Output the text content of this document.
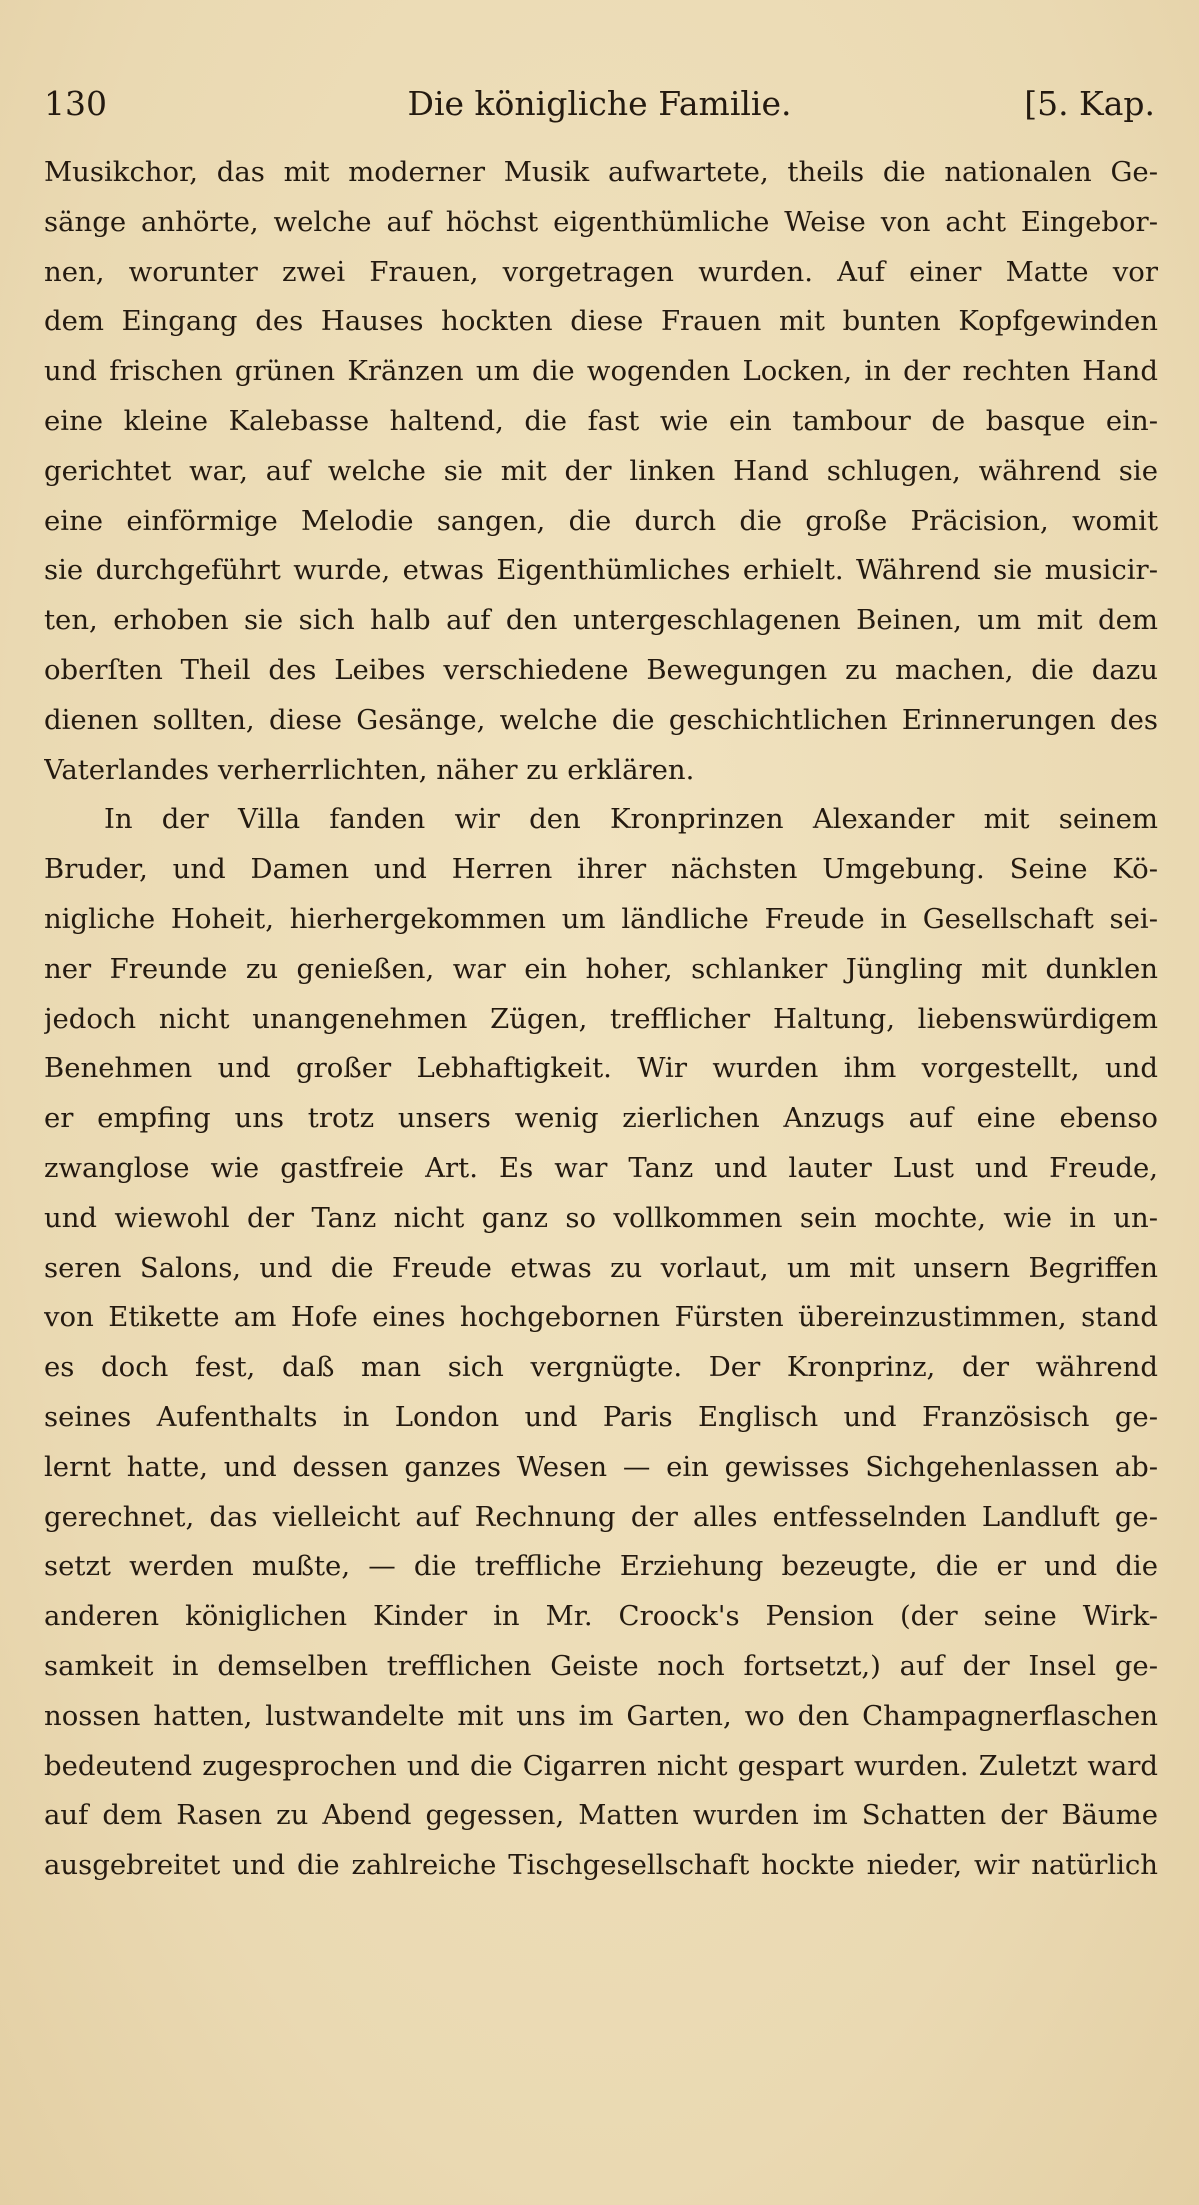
130	Die königliche Familie.	[5. Kap.
Musikchor, das mit moderner Musik aufwartete, theils die nationalen Ge-
sänge anhörte, welche auf höchst eigenthümliche Weise von acht Eingebor-
nen, worunter zwei Frauen, vorgetragen wurden. Auf einer Matte vor
dem Eingang des Hauses hockten diese Frauen mit bunten Kopfgewinden
und frischen grünen Kränzen um die wogenden Locken, in der rechten Hand
eine kleine Kalebasse haltend, die fast wie ein tambour de basque ein-
gerichtet war, auf welche sie mit der linken Hand schlugen, während sie
eine einförmige Melodie sangen, die durch die große Präcision, womit
sie durchgeführt wurde, etwas Eigenthümliches erhielt. Während sie musicir-
ten, erhoben sie sich halb auf den untergeschlagenen Beinen, um mit dem
oberſten Theil des Leibes verschiedene Bewegungen zu machen, die dazu
dienen sollten, diese Gesänge, welche die geschichtlichen Erinnerungen des
Vaterlandes verherrlichten, näher zu erklären.
In der Villa fanden wir den Kronprinzen Alexander mit seinem
Bruder, und Damen und Herren ihrer nächsten Umgebung. Seine Kö-
nigliche Hoheit, hierhergekommen um ländliche Freude in Gesellschaft sei-
ner Freunde zu genießen, war ein hoher, schlanker Jüngling mit dunklen
jedoch nicht unangenehmen Zügen, trefflicher Haltung, liebenswürdigem
Benehmen und großer Lebhaftigkeit. Wir wurden ihm vorgestellt, und
er empfing uns trotz unsers wenig zierlichen Anzugs auf eine ebenso
zwanglose wie gastfreie Art. Es war Tanz und lauter Lust und Freude,
und wiewohl der Tanz nicht ganz so vollkommen sein mochte, wie in un-
seren Salons, und die Freude etwas zu vorlaut, um mit unsern Begriffen
von Etikette am Hofe eines hochgebornen Fürsten übereinzustimmen, stand
es doch fest, daß man sich vergnügte. Der Kronprinz, der während
seines Aufenthalts in London und Paris Englisch und Französisch ge-
lernt hatte, und dessen ganzes Wesen — ein gewisses Sichgehenlassen ab-
gerechnet, das vielleicht auf Rechnung der alles entfesselnden Landluft ge-
setzt werden mußte, — die treffliche Erziehung bezeugte, die er und die
anderen königlichen Kinder in Mr. Croock's Pension (der seine Wirk-
samkeit in demselben trefflichen Geiste noch fortsetzt,) auf der Insel ge-
nossen hatten, lustwandelte mit uns im Garten, wo den Champagnerflaschen
bedeutend zugesprochen und die Cigarren nicht gespart wurden. Zuletzt ward
auf dem Rasen zu Abend gegessen, Matten wurden im Schatten der Bäume
ausgebreitet und die zahlreiche Tischgesellschaft hockte nieder, wir natürlich
